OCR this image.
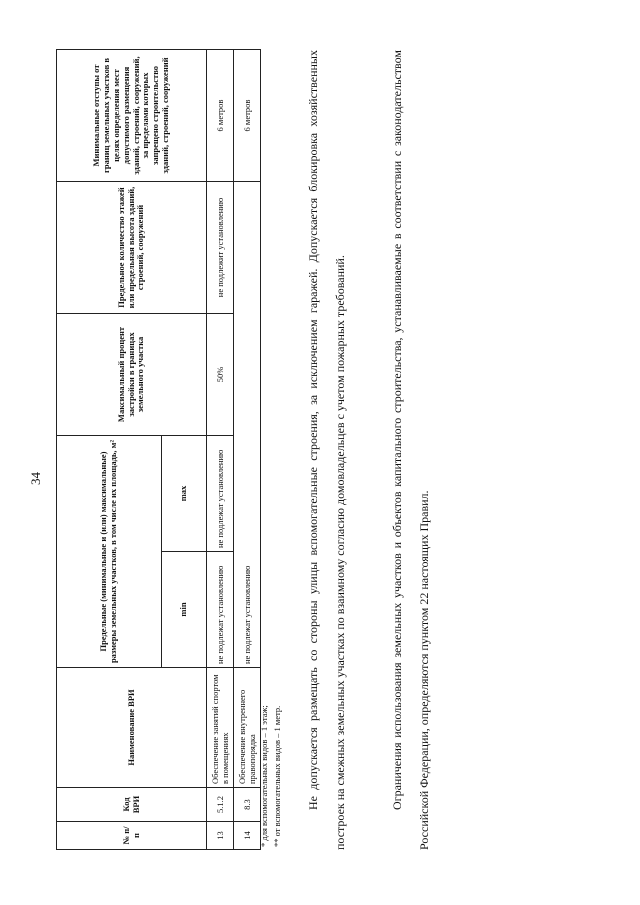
34
№ п/п	Код ВРИ	Наименование ВРИ	Предельные (минимальные и (или) максимальные) размеры земельных участков, в том числе их площадь, м²		Максимальный процент застройки в границах земельного участка	Предельное количество этажей или предельная высота зданий, строений, сооружений	Минимальные отступы от границ земельных участков в целях определения мест допустимого размещения зданий, строений, сооружений, за пределами которых запрещено строительство зданий, строений, сооружений
			min	max			
13	5.1.2	Обеспечение занятий спортом в помещениях	не подлежат установлению	не подлежат установлению	50%	не подлежит установлению	6 метров
14	8.3	Обеспечение внутреннего правопорядка	не подлежат установлению				6 метров
* для вспомогательных видов – 1 этаж; ** от вспомогательных видов – 1 метр.	Не допускается размещать со стороны улицы вспомогательные строения, за исключением гаражей. Допускается блокировка хозяйственных построек на смежных земельных участках по взаимному согласию домовладельцев с учетом пожарных требований.	Ограничения использования земельных участков и объектов капитального строительства, устанавливаемые в соответствии с законодательством Российской Федерации, определяются пунктом 22 настоящих Правил.
